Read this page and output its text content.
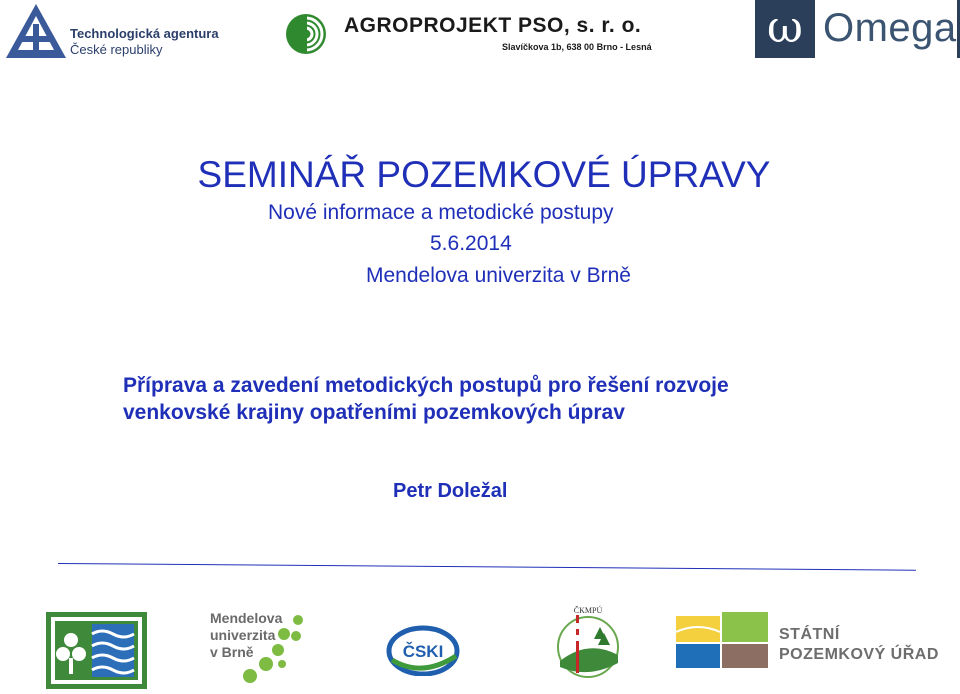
Technologická agentura
České republiky
AGROPROJEKT PSO, s. r. o.
Slavíčkova 1b, 638 00 Brno - Lesná	ω Omega
SEMINÁŘ POZEMKOVÉ ÚPRAVY
Nové informace a metodické postupy
5.6.2014
Mendelova univerzita v Brně
Příprava a zavedení metodických postupů pro řešení rozvoje
venkovské krajiny opatřeními pozemkových úprav
Petr Doležal
Mendelova
univerzita
v Brně	ČSKI
ČKMPÚ
STÁTNÍ
POZEMKOVÝ ÚŘAD
